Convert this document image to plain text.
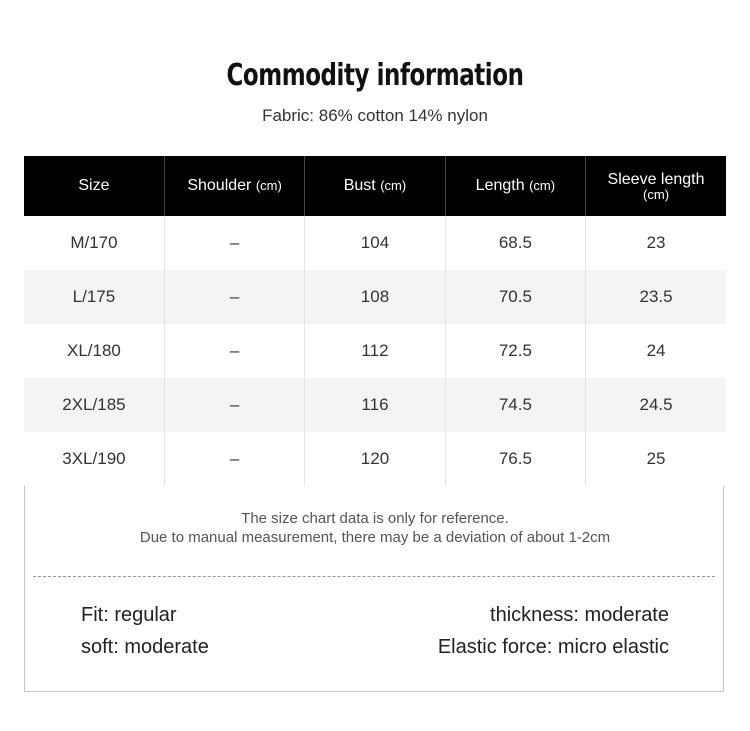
Commodity information
Fabric: 86% cotton 14% nylon
Size	Shoulder (cm)	Bust (cm)	Length (cm)	Sleeve length
(cm)

M/170	–	104	68.5	23
L/175	–	108	70.5	23.5
XL/180	–	112	72.5	24
2XL/185	–	116	74.5	24.5
3XL/190	–	120	76.5	25
The size chart data is only for reference.
Due to manual measurement, there may be a deviation of about 1-2cm
Fit: regular	thickness: moderate
soft: moderate	Elastic force: micro elastic
